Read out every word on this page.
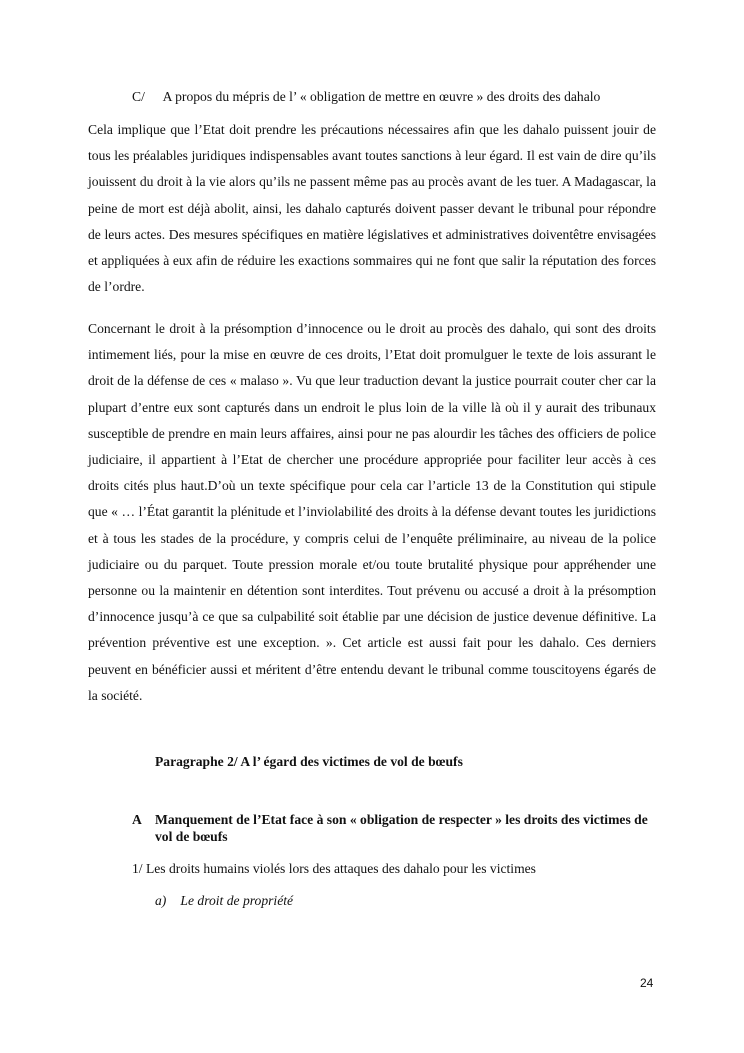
C/ A propos du mépris de l’ « obligation de mettre en œuvre » des droits des dahalo

Cela implique que l’Etat doit prendre les précautions nécessaires afin que les dahalo puissent jouir de tous les préalables juridiques indispensables avant toutes sanctions à leur égard. Il est vain de dire qu’ils jouissent du droit à la vie alors qu’ils ne passent même pas au procès avant de les tuer. A Madagascar, la peine de mort est déjà abolit, ainsi, les dahalo capturés doivent passer devant le tribunal pour répondre de leurs actes. Des mesures spécifiques en matière législatives et administratives doiventêtre envisagées et appliquées à eux afin de réduire les exactions sommaires qui ne font que salir la réputation des forces de l’ordre.

Concernant le droit à la présomption d’innocence ou le droit au procès des dahalo, qui sont des droits intimement liés, pour la mise en œuvre de ces droits, l’Etat doit promulguer le texte de lois assurant le droit de la défense de ces « malaso ». Vu que leur traduction devant la justice pourrait couter cher car la plupart d’entre eux sont capturés dans un endroit le plus loin de la ville là où il y aurait des tribunaux susceptible de prendre en main leurs affaires, ainsi pour ne pas alourdir les tâches des officiers de police judiciaire, il appartient à l’Etat de chercher une procédure appropriée pour faciliter leur accès à ces droits cités plus haut.D’où un texte spécifique pour cela car l’article 13 de la Constitution qui stipule que « … l’État garantit la plénitude et l’inviolabilité des droits à la défense devant toutes les juridictions et à tous les stades de la procédure, y compris celui de l’enquête préliminaire, au niveau de la police judiciaire ou du parquet. Toute pression morale et/ou toute brutalité physique pour appréhender une personne ou la maintenir en détention sont interdites. Tout prévenu ou accusé a droit à la présomption d’innocence jusqu’à ce que sa culpabilité soit établie par une décision de justice devenue définitive. La prévention préventive est une exception. ». Cet article est aussi fait pour les dahalo. Ces derniers peuvent en bénéficier aussi et méritent d’être entendu devant le tribunal comme touscitoyens égarés de la société.

Paragraphe 2/ A l’ égard des victimes de vol de bœufs
A Manquement de l’Etat face à son « obligation de respecter » les droits des victimes de vol de bœufs
1/ Les droits humains violés lors des attaques des dahalo pour les victimes
a) Le droit de propriété
24
